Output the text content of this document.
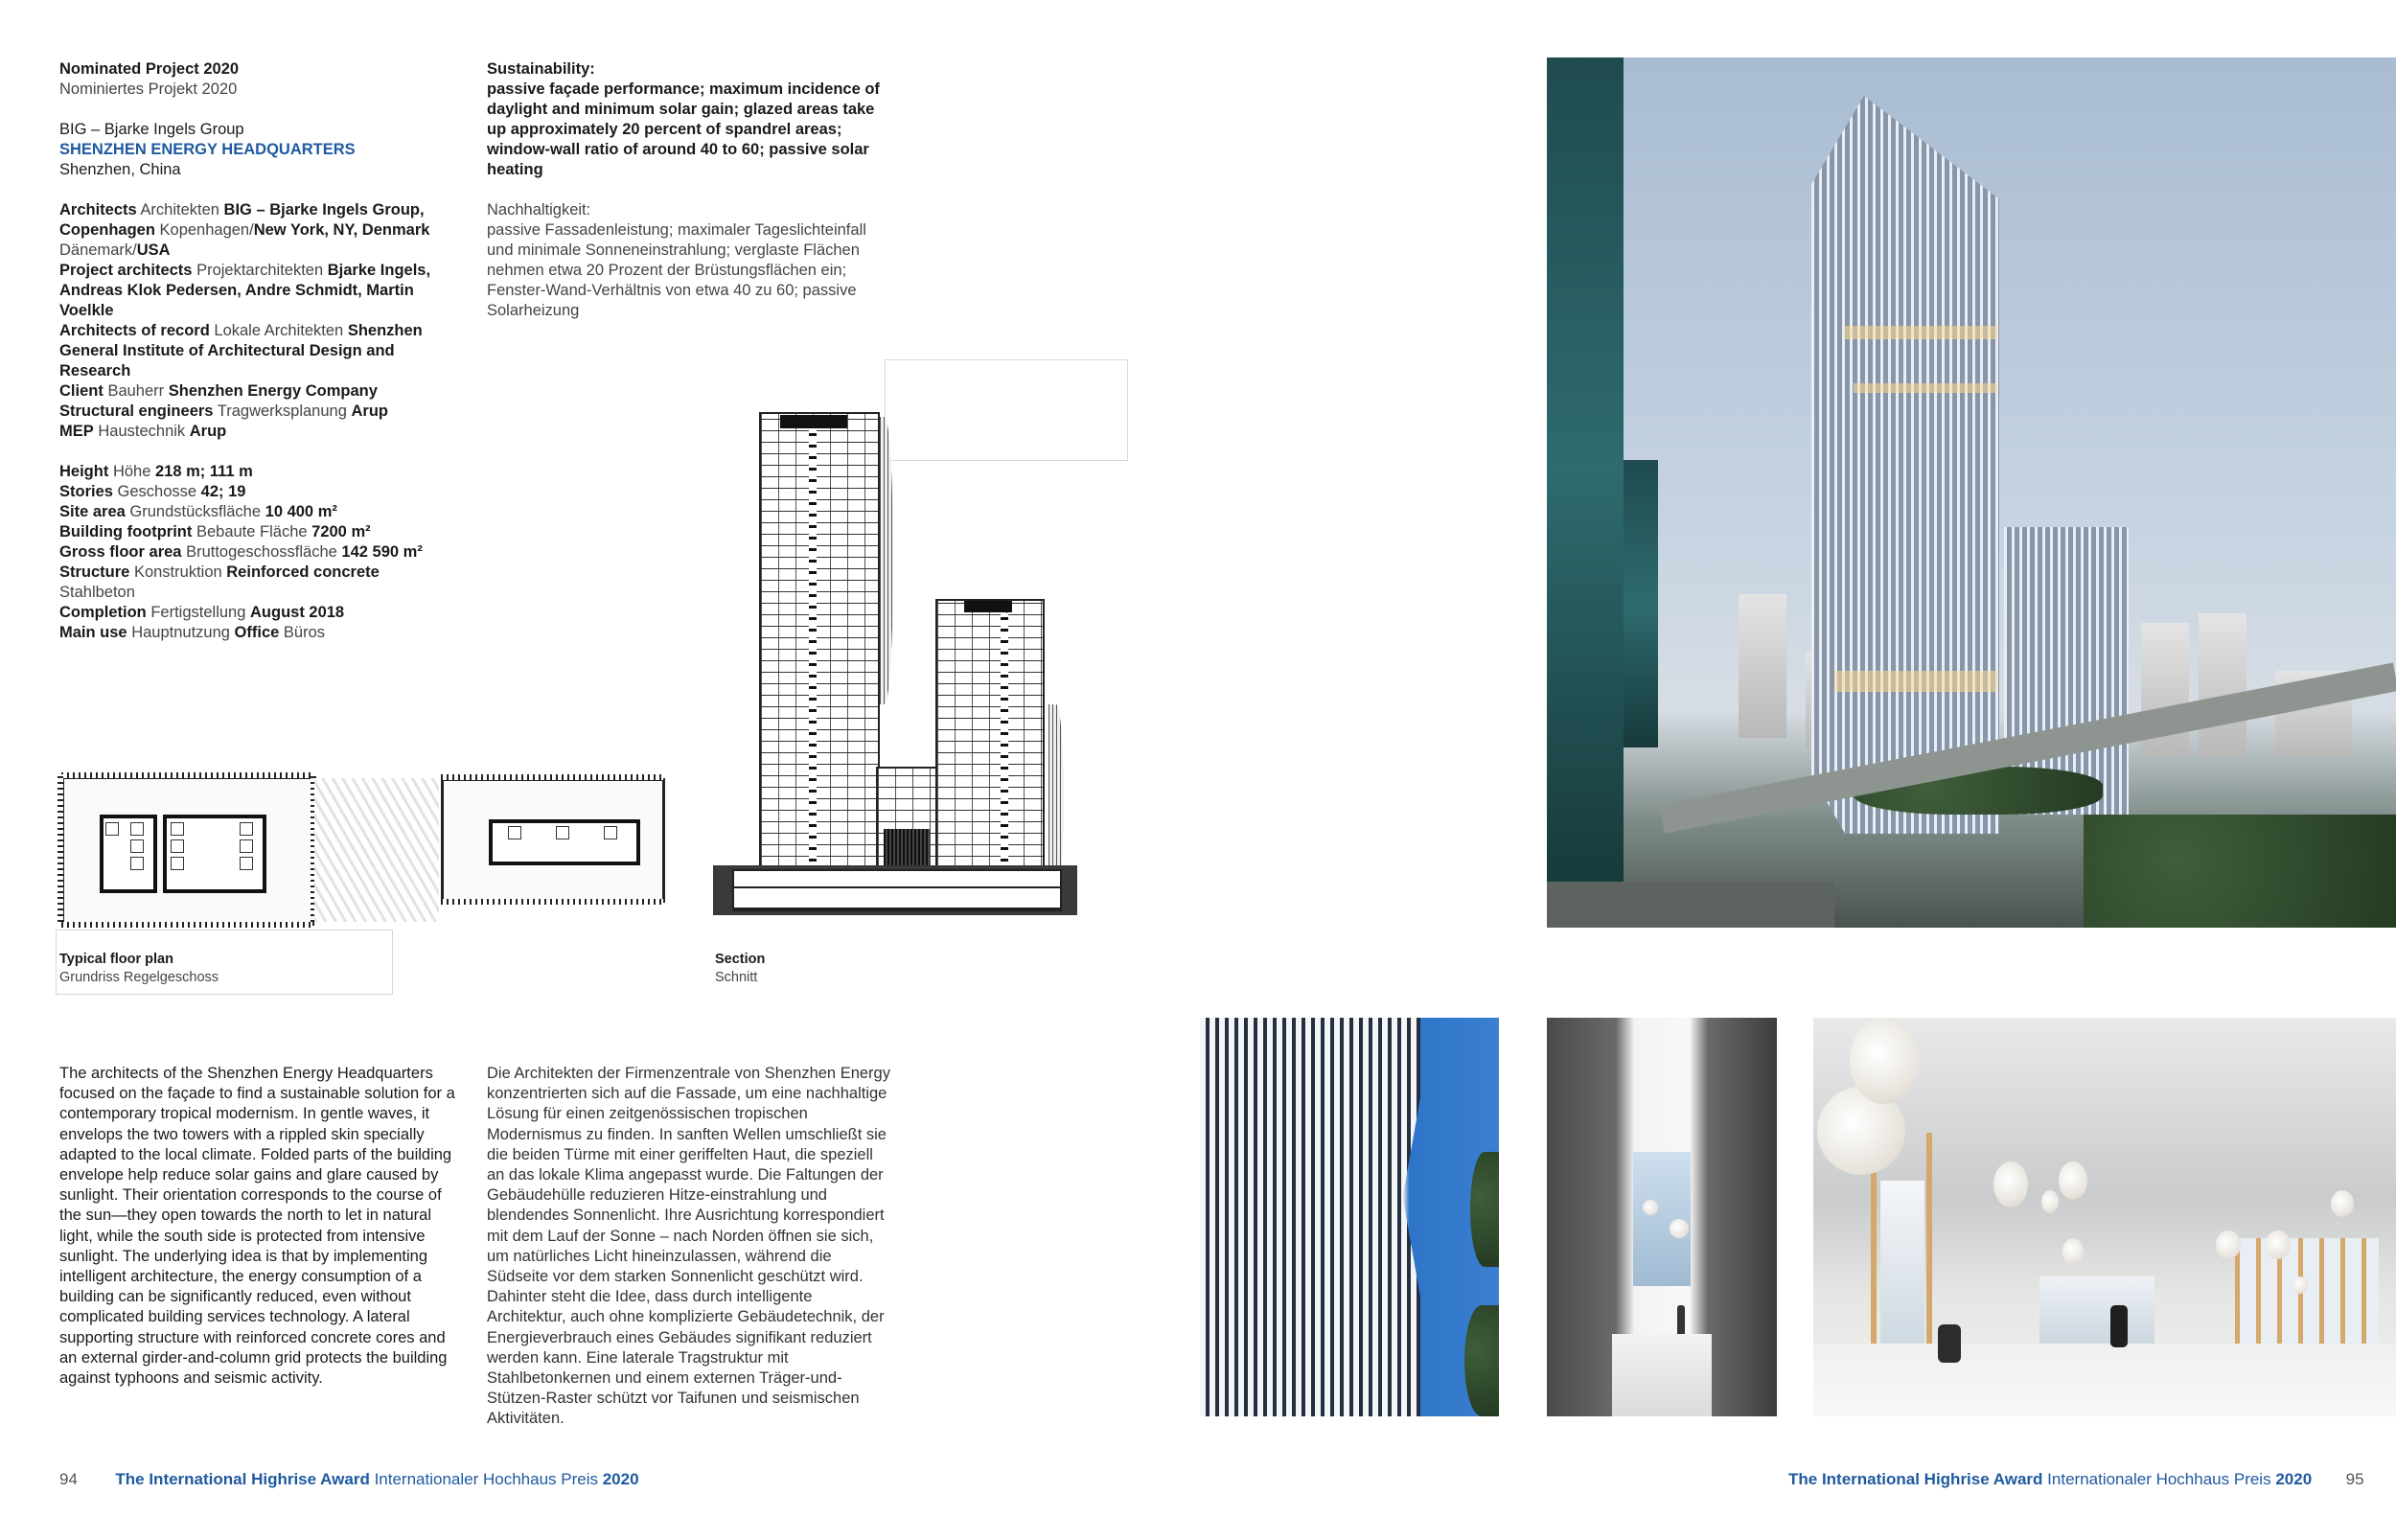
Nominated Project 2020
Nominiertes Projekt 2020
BIG – Bjarke Ingels Group
SHENZHEN ENERGY HEADQUARTERS
Shenzhen, China
Architects Architekten BIG – Bjarke Ingels Group, Copenhagen Kopenhagen/New York, NY, Denmark Dänemark/USA
Project architects Projektarchitekten Bjarke Ingels, Andreas Klok Pedersen, Andre Schmidt, Martin Voelkle
Architects of record Lokale Architekten Shenzhen General Institute of Architectural Design and Research
Client Bauherr Shenzhen Energy Company
Structural engineers Tragwerksplanung Arup
MEP Haustechnik Arup
Height Höhe 218 m; 111 m
Stories Geschosse 42; 19
Site area Grundstücksfläche 10 400 m²
Building footprint Bebaute Fläche 7200 m²
Gross floor area Bruttogeschossfläche 142 590 m²
Structure Konstruktion Reinforced concrete Stahlbeton
Completion Fertigstellung August 2018
Main use Hauptnutzung Office Büros
Sustainability:
passive façade performance; maximum incidence of daylight and minimum solar gain; glazed areas take up approximately 20 percent of spandrel areas; window-wall ratio of around 40 to 60; passive solar heating
Nachhaltigkeit:
passive Fassadenleistung; maximaler Tageslichteinfall und minimale Sonneneinstrahlung; verglaste Flächen nehmen etwa 20 Prozent der Brüstungsflächen ein; Fenster-Wand-Verhältnis von etwa 40 zu 60; passive Solarheizung
Typical floor plan
Grundriss Regelgeschoss
Section
Schnitt
The architects of the Shenzhen Energy Headquarters focused on the façade to find a sustainable solution for a contemporary tropical modernism. In gentle waves, it envelops the two towers with a rippled skin specially adapted to the local climate. Folded parts of the building envelope help reduce solar gains and glare caused by sunlight. Their orientation corresponds to the course of the sun—they open towards the north to let in natural light, while the south side is protected from intensive sunlight. The underlying idea is that by implementing intelligent architecture, the energy consumption of a building can be significantly reduced, even without complicated building services technology. A lateral supporting structure with reinforced concrete cores and an external girder-and-column grid protects the building against typhoons and seismic activity.
Die Architekten der Firmenzentrale von Shenzhen Energy konzentrierten sich auf die Fassade, um eine nachhaltige Lösung für einen zeitgenössischen tropischen Modernismus zu finden. In sanften Wellen umschließt sie die beiden Türme mit einer geriffelten Haut, die speziell an das lokale Klima angepasst wurde. Die Faltungen der Gebäudehülle reduzieren Hitze-einstrahlung und blendendes Sonnenlicht. Ihre Ausrichtung korrespondiert mit dem Lauf der Sonne – nach Norden öffnen sie sich, um natürliches Licht hineinzulassen, während die Südseite vor dem starken Sonnenlicht geschützt wird. Dahinter steht die Idee, dass durch intelligente Architektur, auch ohne komplizierte Gebäudetechnik, der Energieverbrauch eines Gebäudes signifikant reduziert werden kann. Eine laterale Tragstruktur mit Stahlbetonkernen und einem externen Träger-und-Stützen-Raster schützt vor Taifunen und seismischen Aktivitäten.
94 The International Highrise Award Internationaler Hochhaus Preis 2020	The International Highrise Award Internationaler Hochhaus Preis 2020 95
